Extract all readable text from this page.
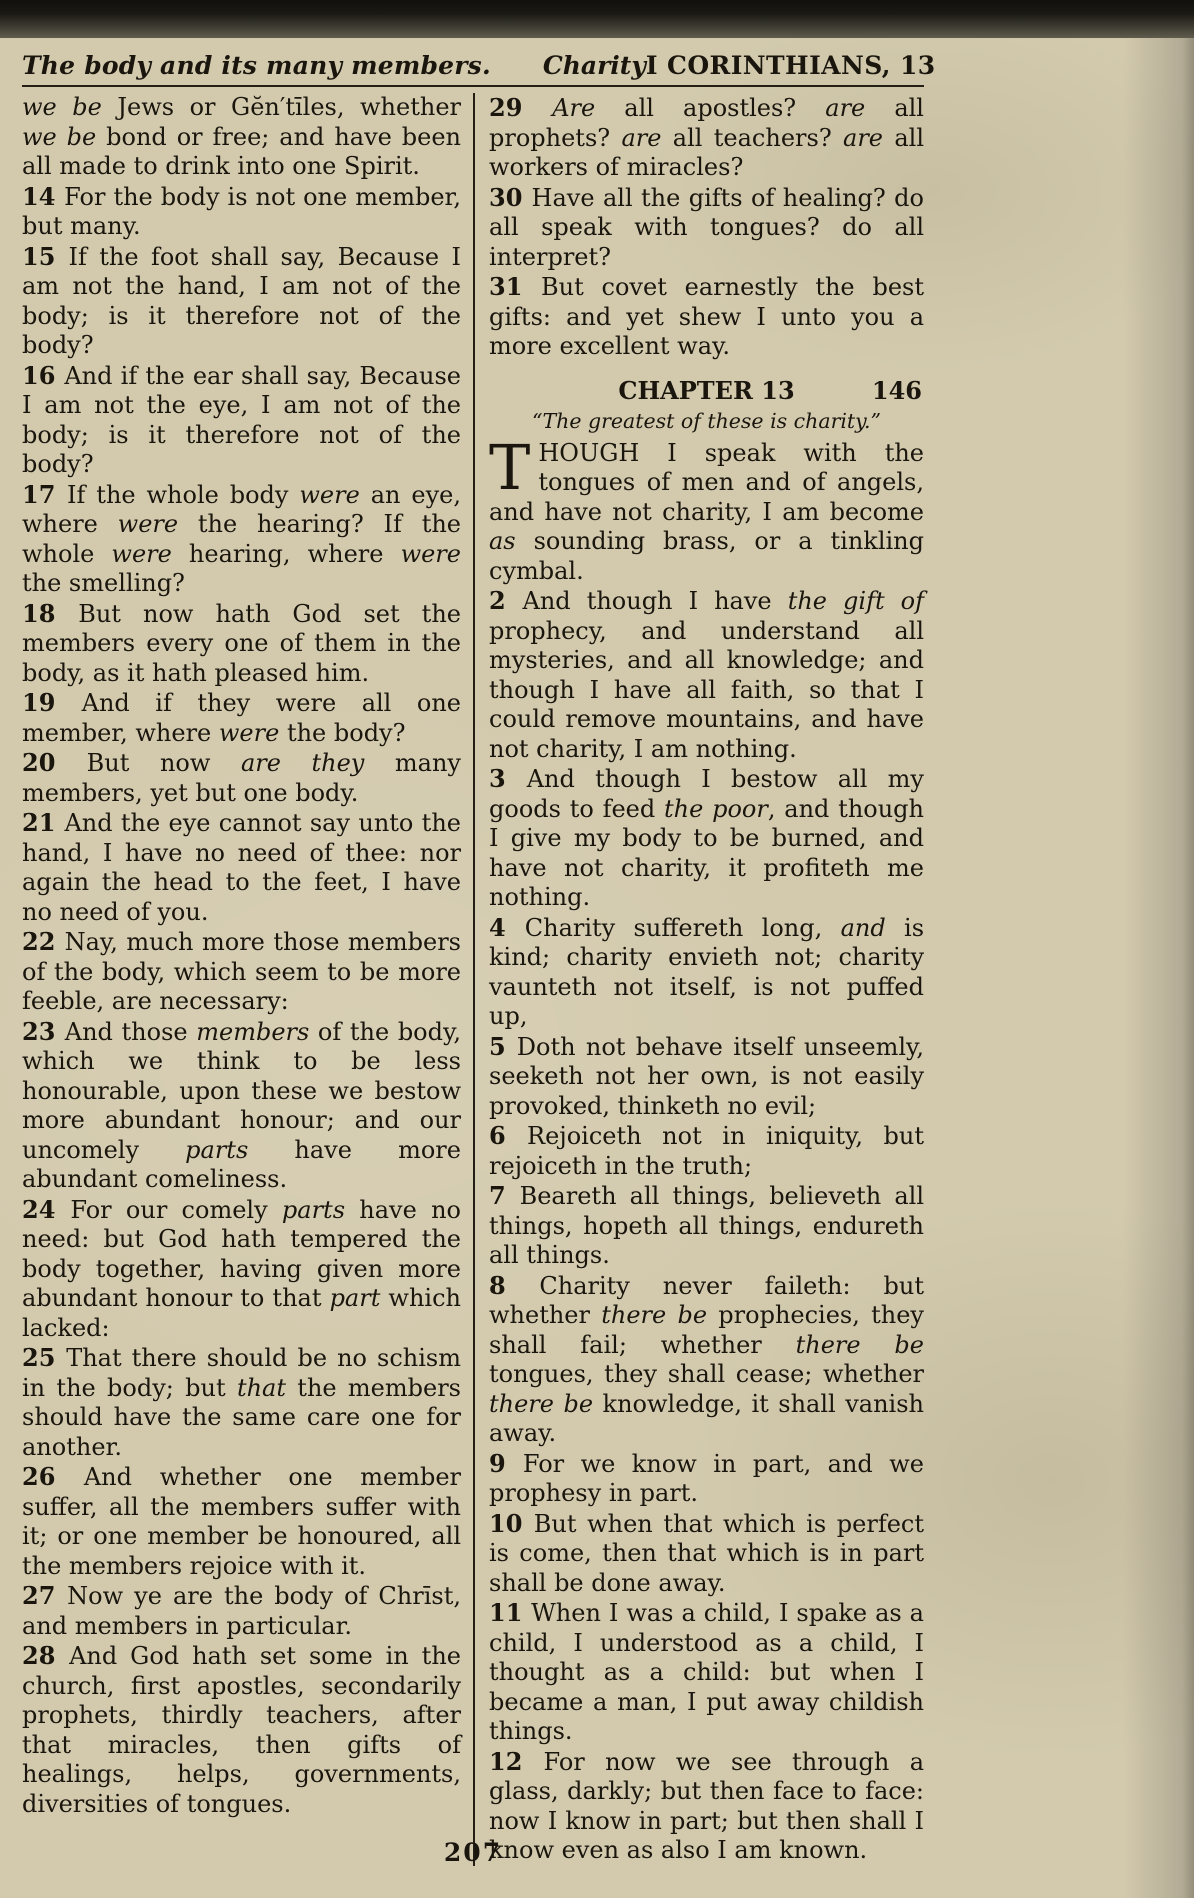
The body and its many members. Charity I CORINTHIANS, 13

we be Jews or Gĕn′tīles, whether we be bond or free; and have been all made to drink into one Spirit.

14 For the body is not one member, but many.

15 If the foot shall say, Because I am not the hand, I am not of the body; is it therefore not of the body?

16 And if the ear shall say, Because I am not the eye, I am not of the body; is it therefore not of the body?

17 If the whole body were an eye, where were the hearing? If the whole were hearing, where were the smelling?

18 But now hath God set the members every one of them in the body, as it hath pleased him.

19 And if they were all one member, where were the body?

20 But now are they many members, yet but one body.

21 And the eye cannot say unto the hand, I have no need of thee: nor again the head to the feet, I have no need of you.

22 Nay, much more those members of the body, which seem to be more feeble, are necessary:

23 And those members of the body, which we think to be less honourable, upon these we bestow more abundant honour; and our uncomely parts have more abundant comeliness.

24 For our comely parts have no need: but God hath tempered the body together, having given more abundant honour to that part which lacked:

25 That there should be no schism in the body; but that the members should have the same care one for another.

26 And whether one member suffer, all the members suffer with it; or one member be honoured, all the members rejoice with it.

27 Now ye are the body of Chrīst, and members in particular.

28 And God hath set some in the church, first apostles, secondarily prophets, thirdly teachers, after that miracles, then gifts of healings, helps, governments, diversities of tongues.

29 Are all apostles? are all prophets? are all teachers? are all workers of miracles?

30 Have all the gifts of healing? do all speak with tongues? do all interpret?

31 But covet earnestly the best gifts: and yet shew I unto you a more excellent way.

CHAPTER 13	146
“The greatest of these is charity.”

THOUGH I speak with the tongues of men and of angels, and have not charity, I am become as sounding brass, or a tinkling cymbal.

2 And though I have the gift of prophecy, and understand all mysteries, and all knowledge; and though I have all faith, so that I could remove mountains, and have not charity, I am nothing.

3 And though I bestow all my goods to feed the poor, and though I give my body to be burned, and have not charity, it profiteth me nothing.

4 Charity suffereth long, and is kind; charity envieth not; charity vaunteth not itself, is not puffed up,

5 Doth not behave itself unseemly, seeketh not her own, is not easily provoked, thinketh no evil;

6 Rejoiceth not in iniquity, but rejoiceth in the truth;

7 Beareth all things, believeth all things, hopeth all things, endureth all things.

8 Charity never faileth: but whether there be prophecies, they shall fail; whether there be tongues, they shall cease; whether there be knowledge, it shall vanish away.

9 For we know in part, and we prophesy in part.

10 But when that which is perfect is come, then that which is in part shall be done away.

11 When I was a child, I spake as a child, I understood as a child, I thought as a child: but when I became a man, I put away childish things.

12 For now we see through a glass, darkly; but then face to face: now I know in part; but then shall I know even as also I am known.

207
